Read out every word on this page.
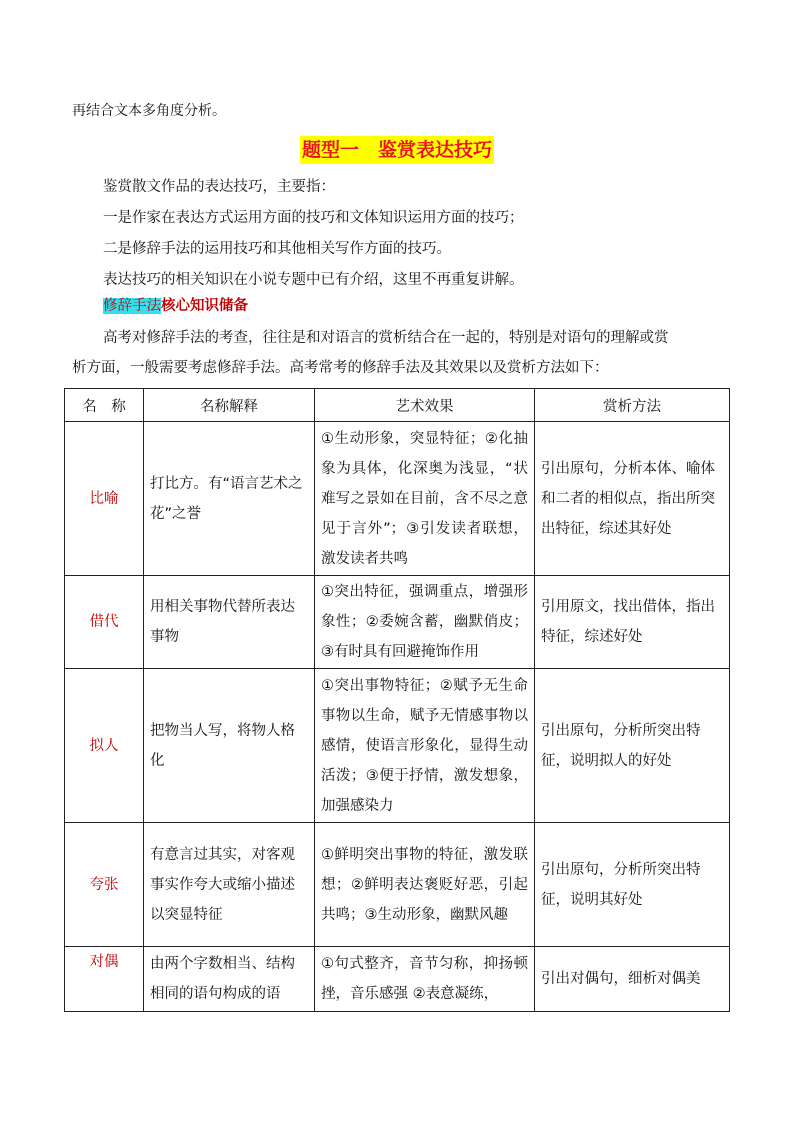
再结合文本多角度分析。
题型一　鉴赏表达技巧
鉴赏散文作品的表达技巧，主要指：
一是作家在表达方式运用方面的技巧和文体知识运用方面的技巧；
二是修辞手法的运用技巧和其他相关写作方面的技巧。
表达技巧的相关知识在小说专题中已有介绍，这里不再重复讲解。
修辞手法核心知识储备
高考对修辞手法的考查，往往是和对语言的赏析结合在一起的，特别是对语句的理解或赏
析方面，一般需要考虑修辞手法。高考常考的修辞手法及其效果以及赏析方法如下：
名　称	名称解释	艺术效果	赏析方法
比喻	打比方。有“语言艺术之花”之誉	①生动形象，突显特征；②化抽象为具体，化深奥为浅显，“状难写之景如在目前，含不尽之意见于言外”；③引发读者联想，激发读者共鸣	引出原句，分析本体、喻体和二者的相似点，指出所突出特征，综述其好处
借代	用相关事物代替所表达事物	①突出特征，强调重点，增强形象性；②委婉含蓄，幽默俏皮；③有时具有回避掩饰作用	引用原文，找出借体，指出特征，综述好处
拟人	把物当人写，将物人格化	①突出事物特征；②赋予无生命事物以生命，赋予无情感事物以感情，使语言形象化，显得生动活泼；③便于抒情，激发想象，加强感染力	引出原句，分析所突出特征，说明拟人的好处
夸张	有意言过其实，对客观事实作夸大或缩小描述以突显特征	①鲜明突出事物的特征，激发联想；②鲜明表达褒贬好恶，引起共鸣；③生动形象，幽默风趣	引出原句，分析所突出特征，说明其好处
对偶	由两个字数相当、结构相同的语句构成的语	①句式整齐，音节匀称，抑扬顿挫，音乐感强 ②表意凝练，	引出对偶句，细析对偶美
